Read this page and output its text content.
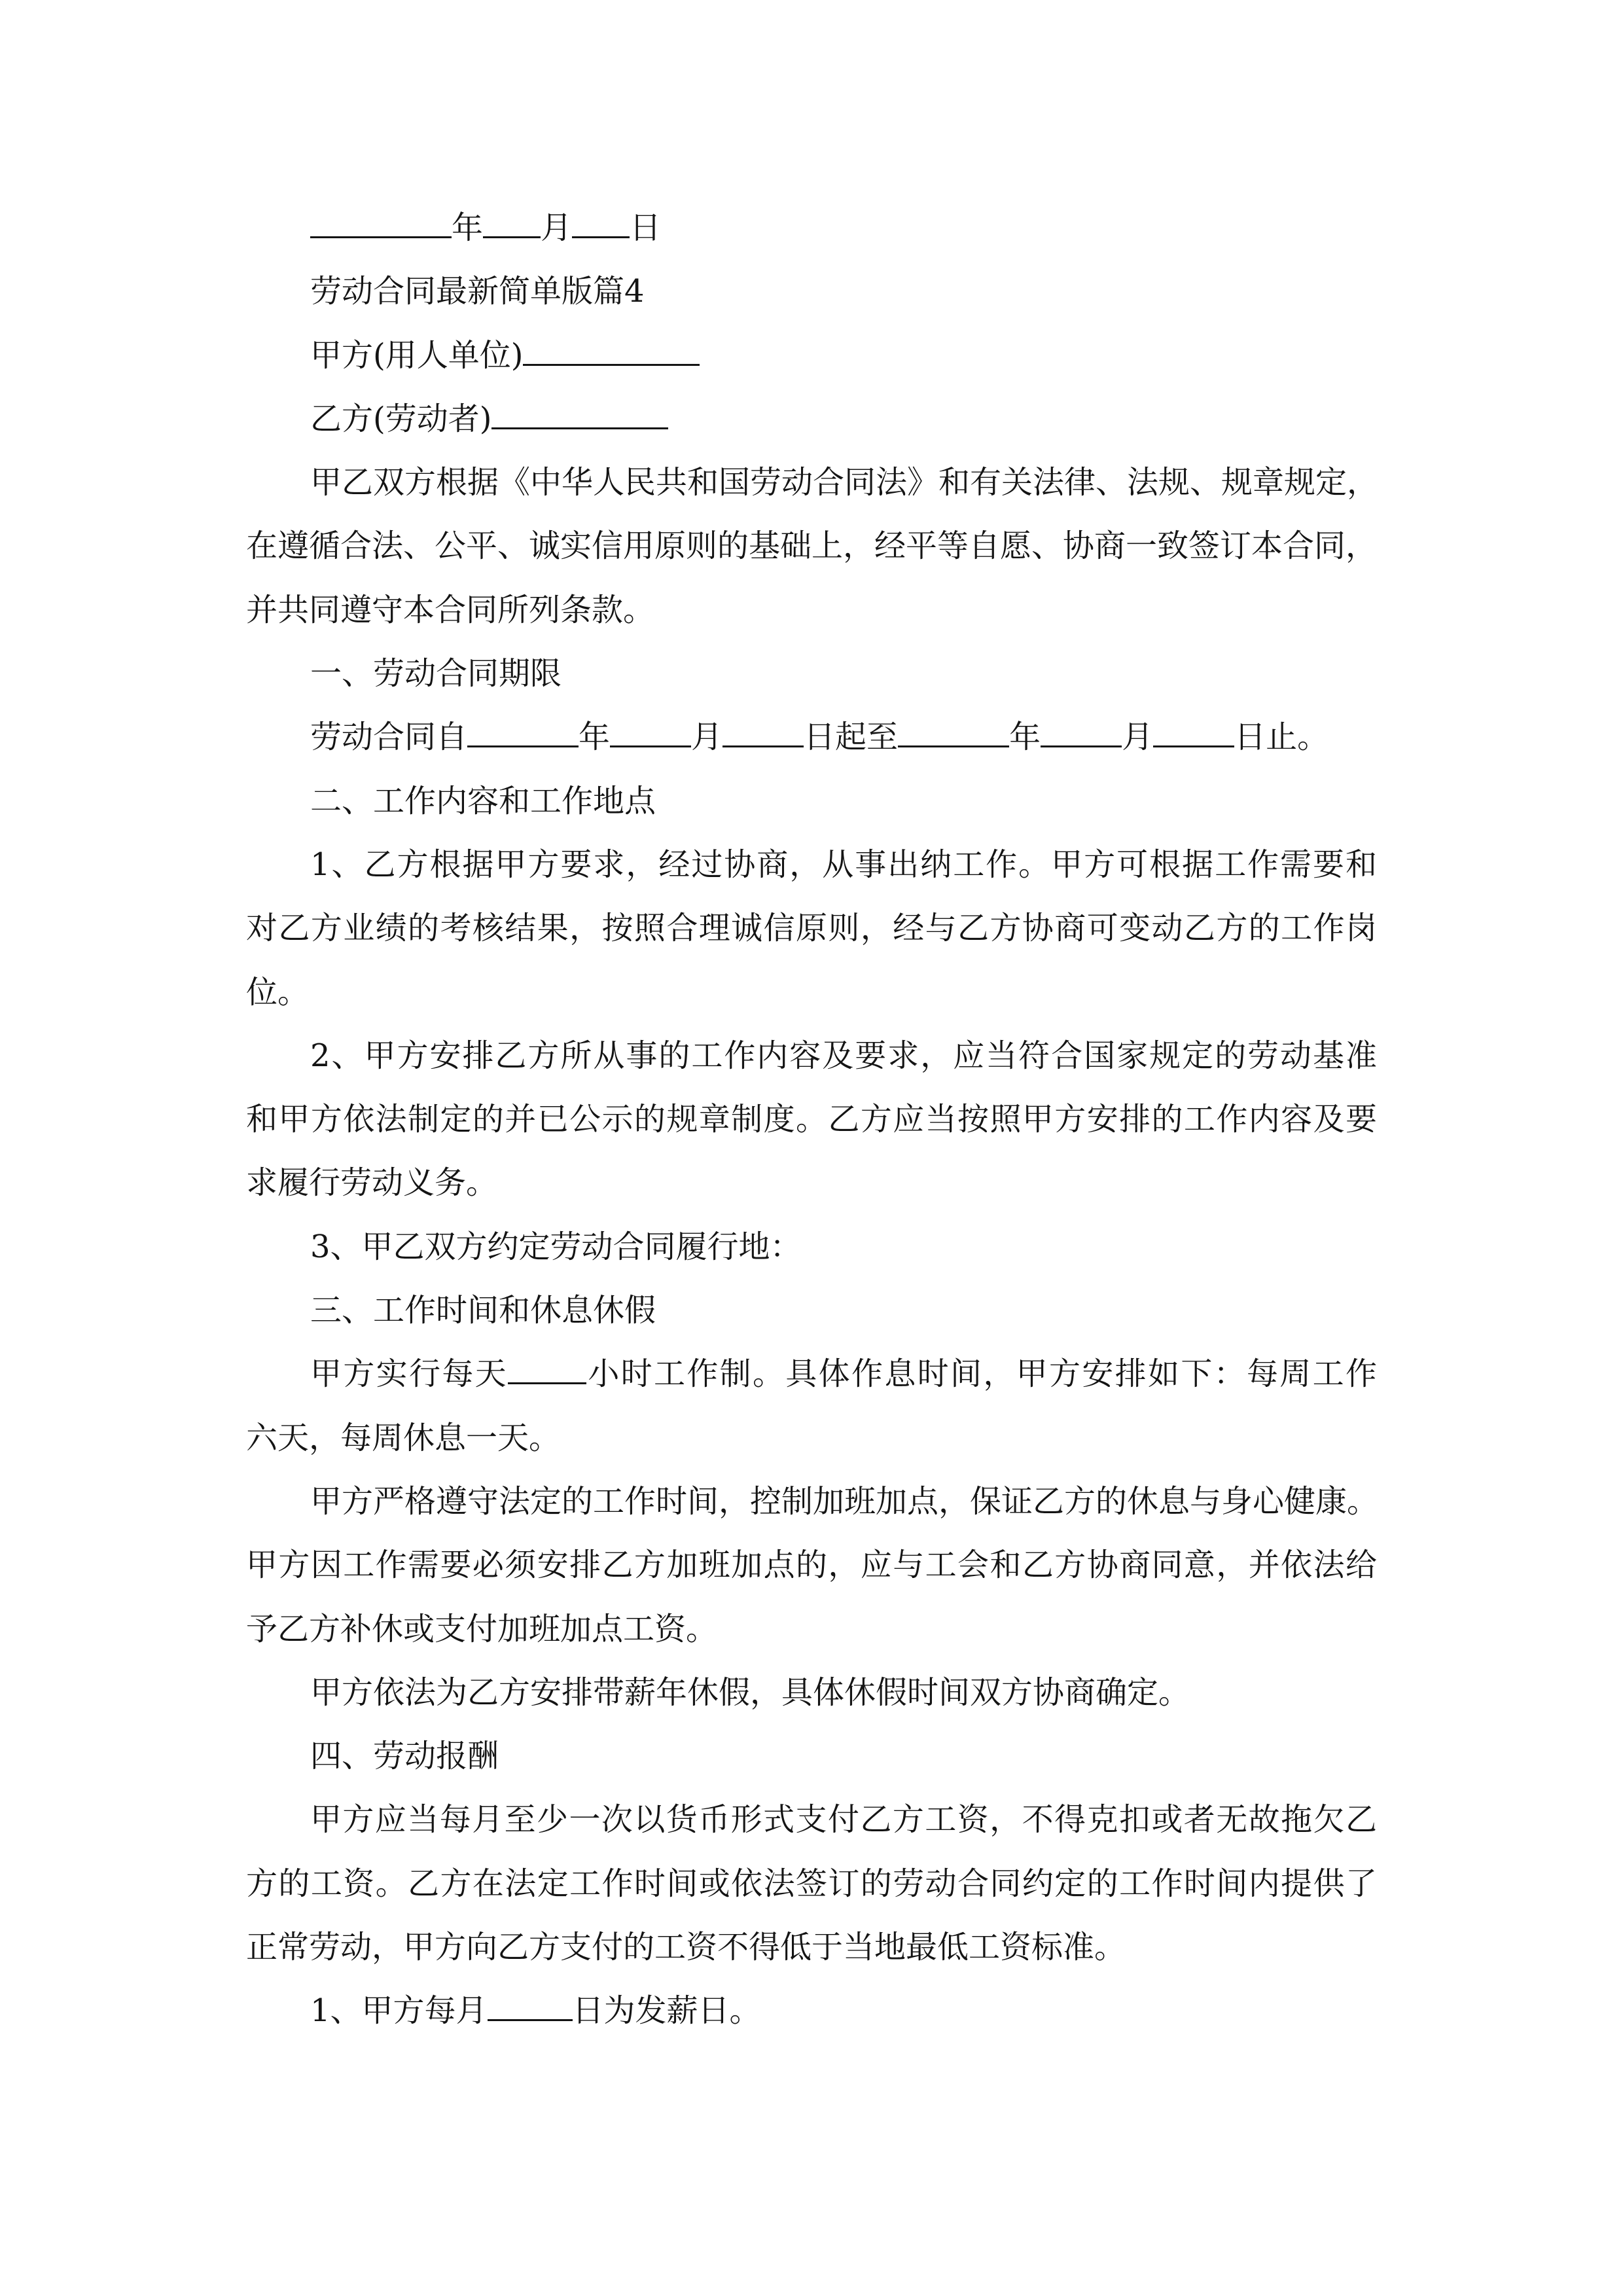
年 月 日
劳动合同最新简单版篇4
甲方(用人单位)
乙方(劳动者)
甲乙双方根据《中华人民共和国劳动合同法》和有关法律、法规、规章规定，
在遵循合法、公平、诚实信用原则的基础上，经平等自愿、协商一致签订本合同，
并共同遵守本合同所列条款。
一、劳动合同期限
劳动合同自	年	月	日起至	年	月	日止。
二、工作内容和工作地点
1、乙方根据甲方要求，经过协商，从事出纳工作。甲方可根据工作需要和
对乙方业绩的考核结果，按照合理诚信原则，经与乙方协商可变动乙方的工作岗
位。
2、甲方安排乙方所从事的工作内容及要求，应当符合国家规定的劳动基准
和甲方依法制定的并已公示的规章制度。乙方应当按照甲方安排的工作内容及要
求履行劳动义务。
3、甲乙双方约定劳动合同履行地：
三、工作时间和休息休假
甲方实行每天	小时工作制。具体作息时间，甲方安排如下：每周工作
六天，每周休息一天。
甲方严格遵守法定的工作时间，控制加班加点，保证乙方的休息与身心健康。
甲方因工作需要必须安排乙方加班加点的，应与工会和乙方协商同意，并依法给
予乙方补休或支付加班加点工资。
甲方依法为乙方安排带薪年休假，具体休假时间双方协商确定。
四、劳动报酬
甲方应当每月至少一次以货币形式支付乙方工资，不得克扣或者无故拖欠乙
方的工资。乙方在法定工作时间或依法签订的劳动合同约定的工作时间内提供了
正常劳动，甲方向乙方支付的工资不得低于当地最低工资标准。
1、甲方每月	日为发薪日。
